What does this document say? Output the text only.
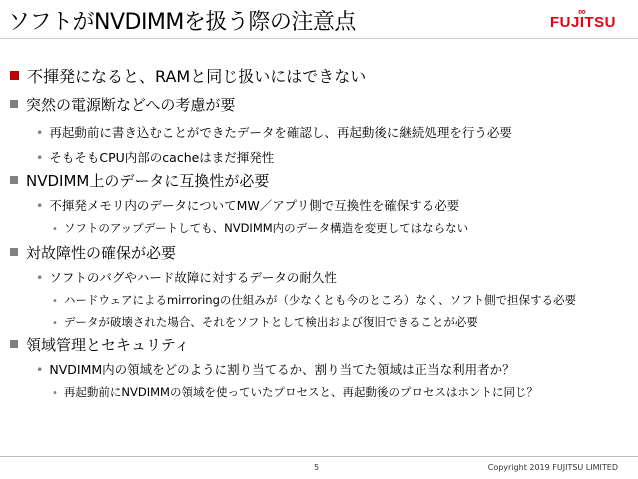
ソフトがNVDIMMを扱う際の注意点	FUJ∞ ITSU
不揮発になると、RAMと同じ扱いにはできない
突然の電源断などへの考慮が要
• 再起動前に書き込むことができたデータを確認し、再起動後に継続処理を行う必要
• そもそもCPU内部のcacheはまだ揮発性
NVDIMM上のデータに互換性が必要
• 不揮発メモリ内のデータについてMW／アプリ側で互換性を確保する必要
• ソフトのアップデートしても、NVDIMM内のデータ構造を変更してはならない
対故障性の確保が必要
• ソフトのバグやハード故障に対するデータの耐久性
• ハードウェアによるmirroringの仕組みが（少なくとも今のところ）なく、ソフト側で担保する必要
• データが破壊された場合、それをソフトとして検出および復旧できることが必要
領域管理とセキュリティ
• NVDIMM内の領域をどのように割り当てるか、割り当てた領域は正当な利用者か？
• 再起動前にNVDIMMの領域を使っていたプロセスと、再起動後のプロセスはホントに同じ？
5	Copyright 2019 FUJITSU LIMITED
